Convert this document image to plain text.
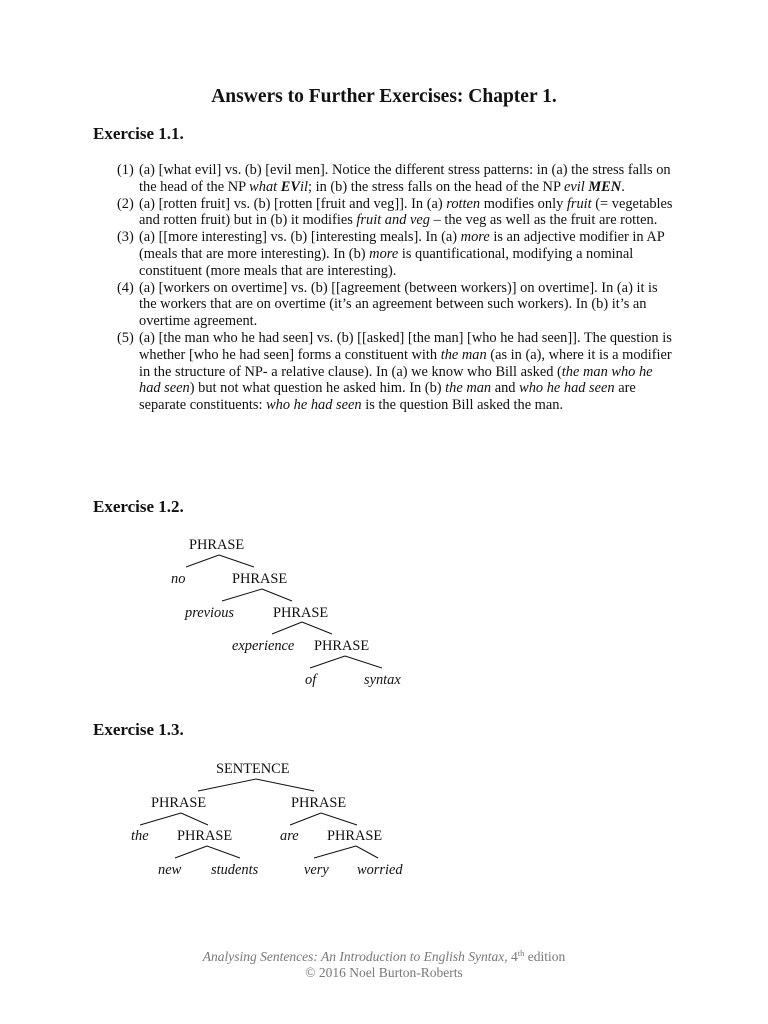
Answers to Further Exercises: Chapter 1.
Exercise 1.1.
(1) (a) [what evil] vs. (b) [evil men]. Notice the different stress patterns: in (a) the stress falls on the head of the NP what EVil; in (b) the stress falls on the head of the NP evil MEN.
(2) (a) [rotten fruit] vs. (b) [rotten [fruit and veg]]. In (a) rotten modifies only fruit (= vegetables and rotten fruit) but in (b) it modifies fruit and veg – the veg as well as the fruit are rotten.
(3) (a) [[more interesting] vs. (b) [interesting meals]. In (a) more is an adjective modifier in AP (meals that are more interesting). In (b) more is quantificational, modifying a nominal constituent (more meals that are interesting).
(4) (a) [workers on overtime] vs. (b) [[agreement (between workers)] on overtime]. In (a) it is the workers that are on overtime (it’s an agreement between such workers). In (b) it’s an overtime agreement.
(5) (a) [the man who he had seen] vs. (b) [[asked] [the man] [who he had seen]]. The question is whether [who he had seen] forms a constituent with the man (as in (a), where it is a modifier in the structure of NP- a relative clause). In (a) we know who Bill asked (the man who he had seen) but not what question he asked him. In (b) the man and who he had seen are separate constituents: who he had seen is the question Bill asked the man.
Exercise 1.2.
PHRASE
no	PHRASE
previous	PHRASE
experience PHRASE
of	syntax
Exercise 1.3.
SENTENCE
PHRASE	PHRASE
the PHRASE	are PHRASE
new students	very worried
Analysing Sentences: An Introduction to English Syntax, 4th edition
© 2016 Noel Burton-Roberts
